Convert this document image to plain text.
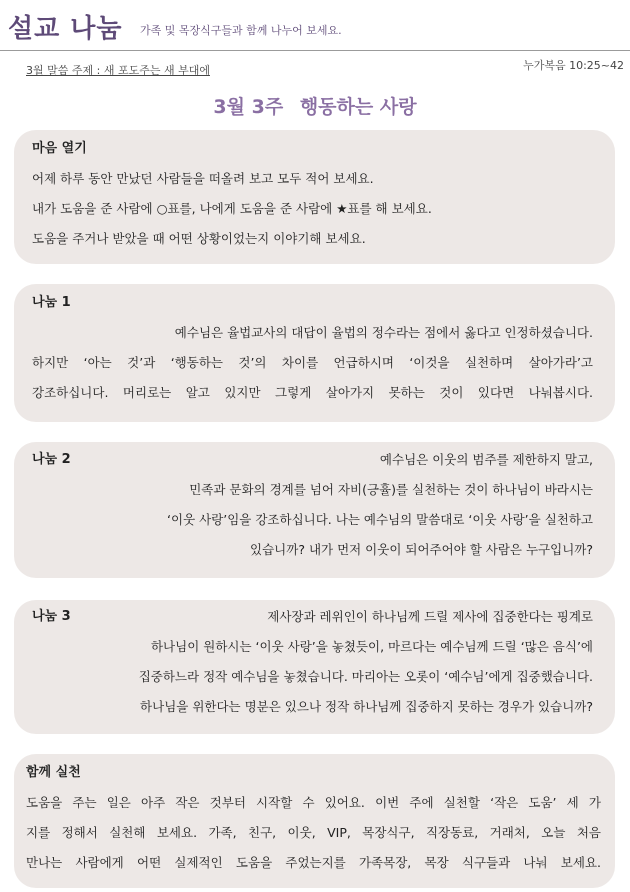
설교 나눔 가족 및 목장식구들과 함께 나누어 보세요.
3월 말씀 주제 : 새 포도주는 새 부대에	누가복음 10:25~42
3월 3주 행동하는 사랑
마음 열기
어제 하루 동안 만났던 사람들을 떠올려 보고 모두 적어 보세요.
내가 도움을 준 사람에 ○표를, 나에게 도움을 준 사람에 ★표를 해 보세요.
도움을 주거나 받았을 때 어떤 상황이었는지 이야기해 보세요.
나눔 1
예수님은 율법교사의 대답이 율법의 정수라는 점에서 옳다고 인정하셨습니다.
하지만 ‘아는 것’과 ‘행동하는 것’의 차이를 언급하시며 ‘이것을 실천하며 살아가라’고
강조하십니다. 머리로는 알고 있지만 그렇게 살아가지 못하는 것이 있다면 나눠봅시다.
나눔 2	예수님은 이웃의 범주를 제한하지 말고,
민족과 문화의 경계를 넘어 자비(긍휼)를 실천하는 것이 하나님이 바라시는
‘이웃 사랑’임을 강조하십니다. 나는 예수님의 말씀대로 ‘이웃 사랑’을 실천하고
있습니까? 내가 먼저 이웃이 되어주어야 할 사람은 누구입니까?
나눔 3	제사장과 레위인이 하나님께 드릴 제사에 집중한다는 핑계로
하나님이 원하시는 ‘이웃 사랑’을 놓쳤듯이, 마르다는 예수님께 드릴 ‘많은 음식’에
집중하느라 정작 예수님을 놓쳤습니다. 마리아는 오롯이 ‘예수님’에게 집중했습니다.
하나님을 위한다는 명분은 있으나 정작 하나님께 집중하지 못하는 경우가 있습니까?
함께 실천
도움을 주는 일은 아주 작은 것부터 시작할 수 있어요. 이번 주에 실천할 ‘작은 도움’ 세 가
지를 정해서 실천해 보세요. 가족, 친구, 이웃, VIP, 목장식구, 직장동료, 거래처, 오늘 처음
만나는 사람에게 어떤 실제적인 도움을 주었는지를 가족목장, 목장 식구들과 나눠 보세요.
